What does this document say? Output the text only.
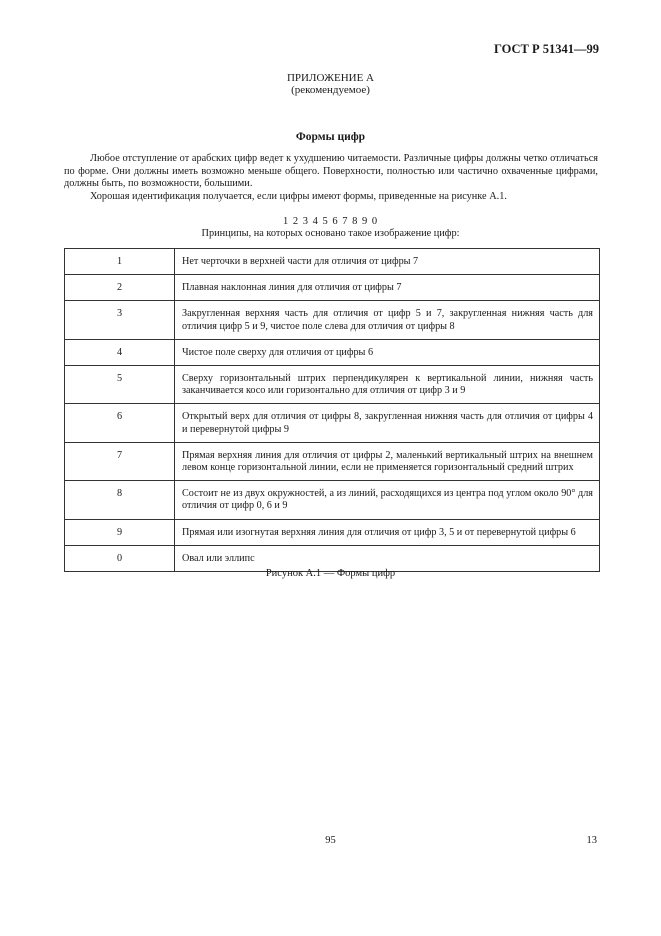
ГОСТ Р 51341—99
ПРИЛОЖЕНИЕ А
(рекомендуемое)
Формы цифр

Любое отступление от арабских цифр ведет к ухудшению читаемости. Различные цифры должны четко отличаться по форме. Они должны иметь возможно меньше общего. Поверхности, полностью или частично охваченные цифрами, должны быть, по возможности, большими.

Хорошая идентификация получается, если цифры имеют формы, приведенные на рисунке А.1.

1 2 3 4 5 6 7 8 9 0
Принципы, на которых основано такое изображение цифр:
1	Нет черточки в верхней части для отличия от цифры 7
2	Плавная наклонная линия для отличия от цифры 7
3	Закругленная верхняя часть для отличия от цифр 5 и 7, закругленная нижняя часть для отличия цифр 5 и 9, чистое поле слева для отличия от цифры 8
4	Чистое поле сверху для отличия от цифры 6
5	Сверху горизонтальный штрих перпендикулярен к вертикальной линии, нижняя часть заканчивается косо или горизонтально для отличия от цифр 3 и 9
6	Открытый верх для отличия от цифры 8, закругленная нижняя часть для отличия от цифры 4 и перевернутой цифры 9
7	Прямая верхняя линия для отличия от цифры 2, маленький вертикальный штрих на внешнем левом конце горизонтальной линии, если не применяется горизонтальный средний штрих
8	Состоит не из двух окружностей, а из линий, расходящихся из центра под углом около 90° для отличия от цифр 0, 6 и 9
9	Прямая или изогнутая верхняя линия для отличия от цифр 3, 5 и от перевернутой цифры 6
0	Овал или эллипс
Рисунок А.1 — Формы цифр
95	13
